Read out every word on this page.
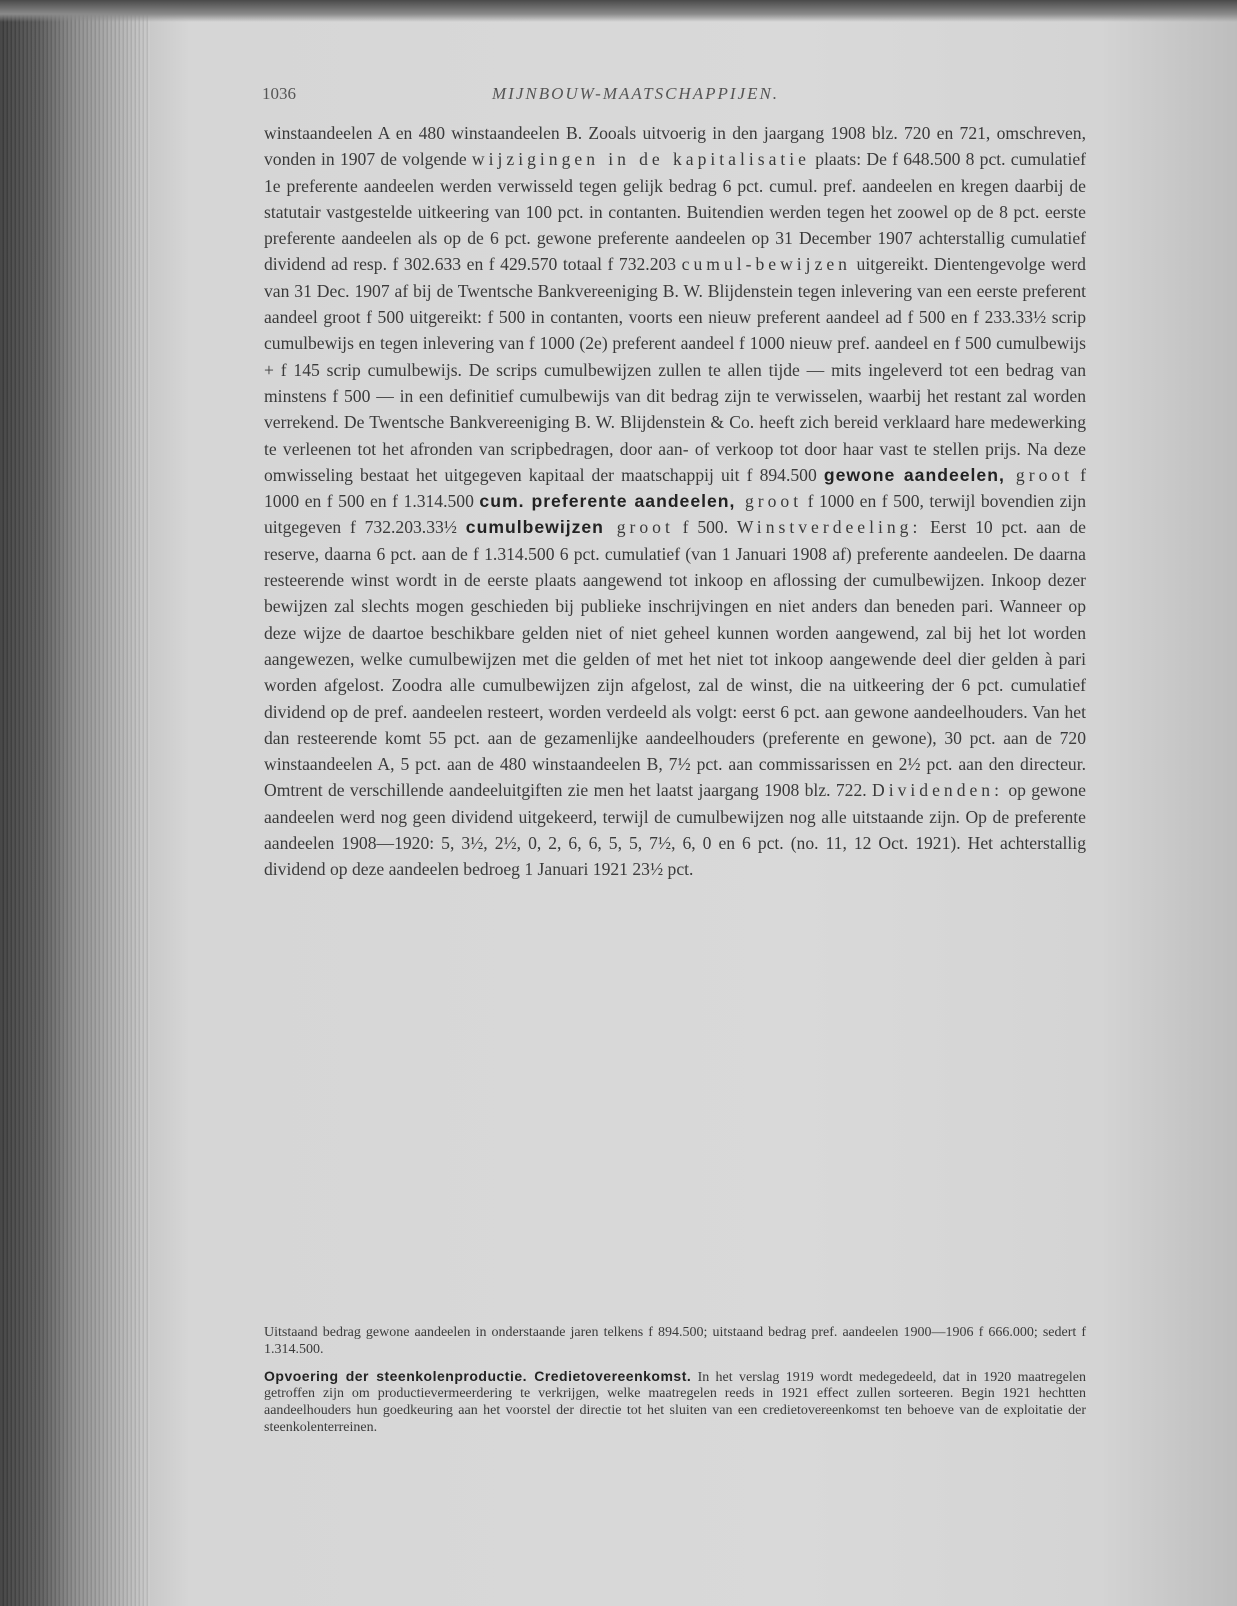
1036	MIJNBOUW-MAATSCHAPPIJEN.

winstaandeelen A en 480 winstaandeelen B. Zooals uitvoerig in den jaargang 1908 blz. 720 en 721, omschreven, vonden in 1907 de volgende wijzigingen in de kapitalisatie plaats: De f 648.500 8 pct. cumulatief 1e preferente aandeelen werden verwisseld tegen gelijk bedrag 6 pct. cumul. pref. aandeelen en kregen daarbij de statutair vastgestelde uitkeering van 100 pct. in contanten. Buitendien werden tegen het zoowel op de 8 pct. eerste preferente aandeelen als op de 6 pct. gewone preferente aandeelen op 31 December 1907 achterstallig cumulatief dividend ad resp. f 302.633 en f 429.570 totaal f 732.203 cumul-bewijzen uitgereikt. Dientengevolge werd van 31 Dec. 1907 af bij de Twentsche Bankvereeniging B. W. Blijdenstein tegen inlevering van een eerste preferent aandeel groot f 500 uitgereikt: f 500 in contanten, voorts een nieuw preferent aandeel ad f 500 en f 233.33½ scrip cumulbewijs en tegen inlevering van f 1000 (2e) preferent aandeel f 1000 nieuw pref. aandeel en f 500 cumulbewijs + f 145 scrip cumulbewijs. De scrips cumulbewijzen zullen te allen tijde — mits ingeleverd tot een bedrag van minstens f 500 — in een definitief cumulbewijs van dit bedrag zijn te verwisselen, waarbij het restant zal worden verrekend. De Twentsche Bankvereeniging B. W. Blijdenstein & Co. heeft zich bereid verklaard hare medewerking te verleenen tot het afronden van scripbedragen, door aan- of verkoop tot door haar vast te stellen prijs. Na deze omwisseling bestaat het uitgegeven kapitaal der maatschappij uit f 894.500 gewone aandeelen, groot f 1000 en f 500 en f 1.314.500 cum. preferente aandeelen, groot f 1000 en f 500, terwijl bovendien zijn uitgegeven f 732.203.33½ cumulbewijzen groot f 500. Winstverdeeling: Eerst 10 pct. aan de reserve, daarna 6 pct. aan de f 1.314.500 6 pct. cumulatief (van 1 Januari 1908 af) preferente aandeelen. De daarna resteerende winst wordt in de eerste plaats aangewend tot inkoop en aflossing der cumulbewijzen. Inkoop dezer bewijzen zal slechts mogen geschieden bij publieke inschrijvingen en niet anders dan beneden pari. Wanneer op deze wijze de daartoe beschikbare gelden niet of niet geheel kunnen worden aangewend, zal bij het lot worden aangewezen, welke cumulbewijzen met die gelden of met het niet tot inkoop aangewende deel dier gelden à pari worden afgelost. Zoodra alle cumulbewijzen zijn afgelost, zal de winst, die na uitkeering der 6 pct. cumulatief dividend op de pref. aandeelen resteert, worden verdeeld als volgt: eerst 6 pct. aan gewone aandeelhouders. Van het dan resteerende komt 55 pct. aan de gezamenlijke aandeelhouders (preferente en gewone), 30 pct. aan de 720 winstaandeelen A, 5 pct. aan de 480 winstaandeelen B, 7½ pct. aan commissarissen en 2½ pct. aan den directeur. Omtrent de verschillende aandeeluitgiften zie men het laatst jaargang 1908 blz. 722. Dividenden: op gewone aandeelen werd nog geen dividend uitgekeerd, terwijl de cumulbewijzen nog alle uitstaande zijn. Op de preferente aandeelen 1908—1920: 5, 3½, 2½, 0, 2, 6, 6, 5, 5, 7½, 6, 0 en 6 pct. (no. 11, 12 Oct. 1921). Het achterstallig dividend op deze aandeelen bedroeg 1 Januari 1921 23½ pct.

Uitstaand bedrag gewone aandeelen in onderstaande jaren telkens f 894.500; uitstaand bedrag pref. aandeelen 1900—1906 f 666.000; sedert f 1.314.500.

Opvoering der steenkolenproductie. Credietovereenkomst. In het verslag 1919 wordt medegedeeld, dat in 1920 maatregelen getroffen zijn om productievermeerdering te verkrijgen, welke maatregelen reeds in 1921 effect zullen sorteeren. Begin 1921 hechtten aandeelhouders hun goedkeuring aan het voorstel der directie tot het sluiten van een credietovereenkomst ten behoeve van de exploitatie der steenkolenterreinen.
